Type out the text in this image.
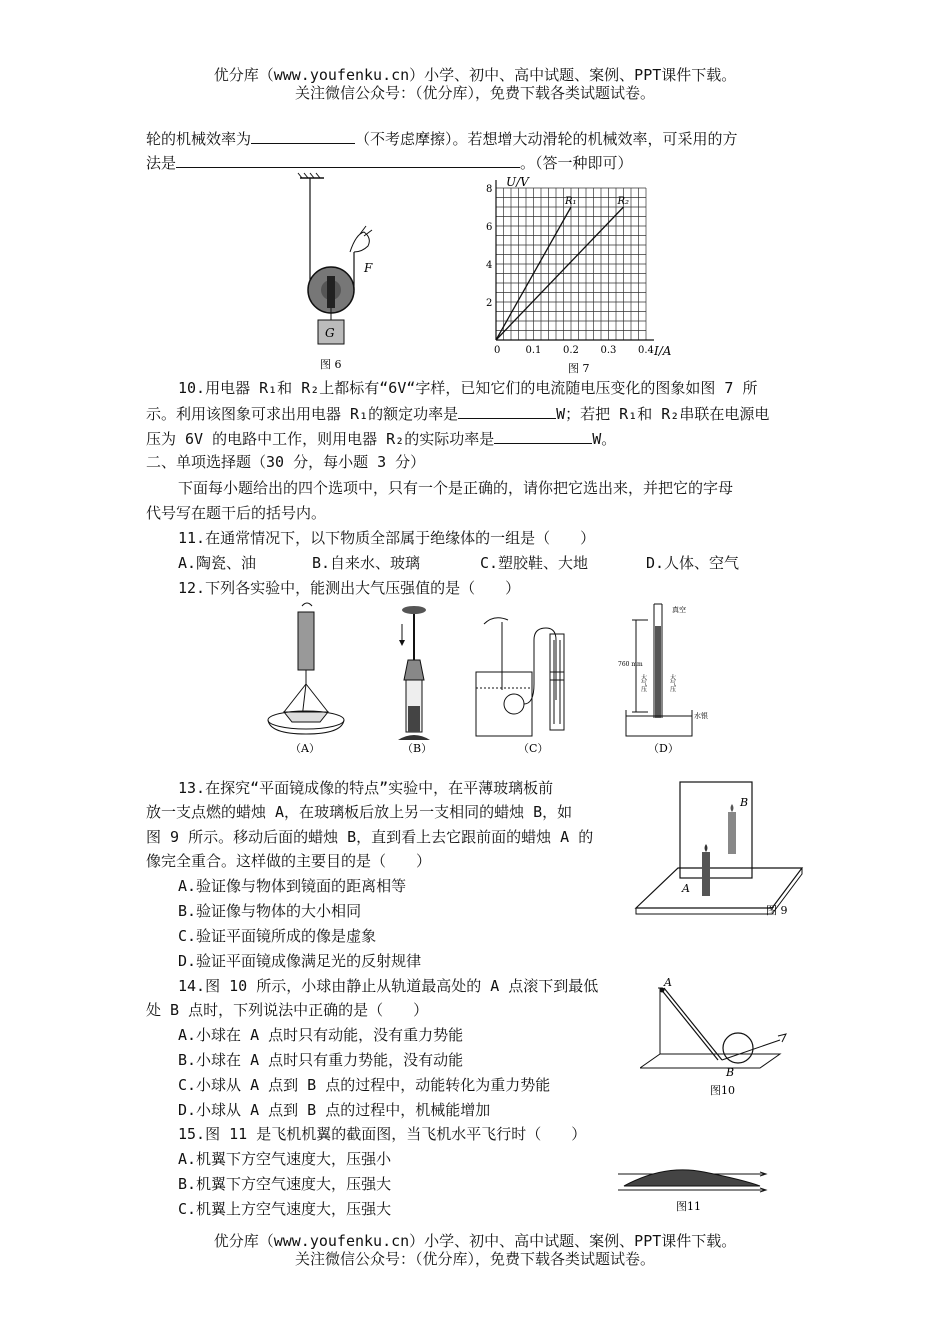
优分库（www.youfenku.cn）小学、初中、高中试题、案例、PPT课件下载。
关注微信公众号：（优分库），免费下载各类试题试卷。
轮的机械效率为	（不考虑摩擦）。若想增大动滑轮的机械效率，可采用的方
法是	。（答一种即可）
F
G
图 6
U/V
I/A
0
2
4
6
8
0.1 0.2 0.3 0.4
R₁	R₂
图 7
10.用电器 R₁和 R₂上都标有“6V“字样，已知它们的电流随电压变化的图象如图 7 所
示。利用该图象可求出用电器 R₁的额定功率是	W；若把 R₁和 R₂串联在电源电
压为 6V 的电路中工作，则用电器 R₂的实际功率是	W。
二、单项选择题（30 分，每小题 3 分）
下面每小题给出的四个选项中，只有一个是正确的，请你把它选出来，并把它的字母
代号写在题干后的括号内。
11.在通常情况下，以下物质全部属于绝缘体的一组是（　　）
A.陶瓷、油	B.自来水、玻璃	C.塑胶鞋、大地	D.人体、空气
12.下列各实验中，能测出大气压强值的是（　　）
（A）	（B）	（C）
真空
760 mm
大气压	大气压
水银
（D）
13.在探究“平面镜成像的特点”实验中，在平薄玻璃板前
放一支点燃的蜡烛 A，在玻璃板后放上另一支相同的蜡烛 B，如
图 9 所示。移动后面的蜡烛 B，直到看上去它跟前面的蜡烛 A 的
像完全重合。这样做的主要目的是（　　）
A.验证像与物体到镜面的距离相等
B.验证像与物体的大小相同
C.验证平面镜所成的像是虚象
D.验证平面镜成像满足光的反射规律
B
A
图 9
14.图 10 所示，小球由静止从轨道最高处的 A 点滚下到最低
处 B 点时，下列说法中正确的是（　　）
A.小球在 A 点时只有动能，没有重力势能
B.小球在 A 点时只有重力势能，没有动能
C.小球从 A 点到 B 点的过程中，动能转化为重力势能
D.小球从 A 点到 B 点的过程中，机械能增加
A
B
图10
15.图 11 是飞机机翼的截面图，当飞机水平飞行时（　　）
A.机翼下方空气速度大，压强小
B.机翼下方空气速度大，压强大
C.机翼上方空气速度大，压强大	图11
优分库（www.youfenku.cn）小学、初中、高中试题、案例、PPT课件下载。
关注微信公众号：（优分库），免费下载各类试题试卷。
